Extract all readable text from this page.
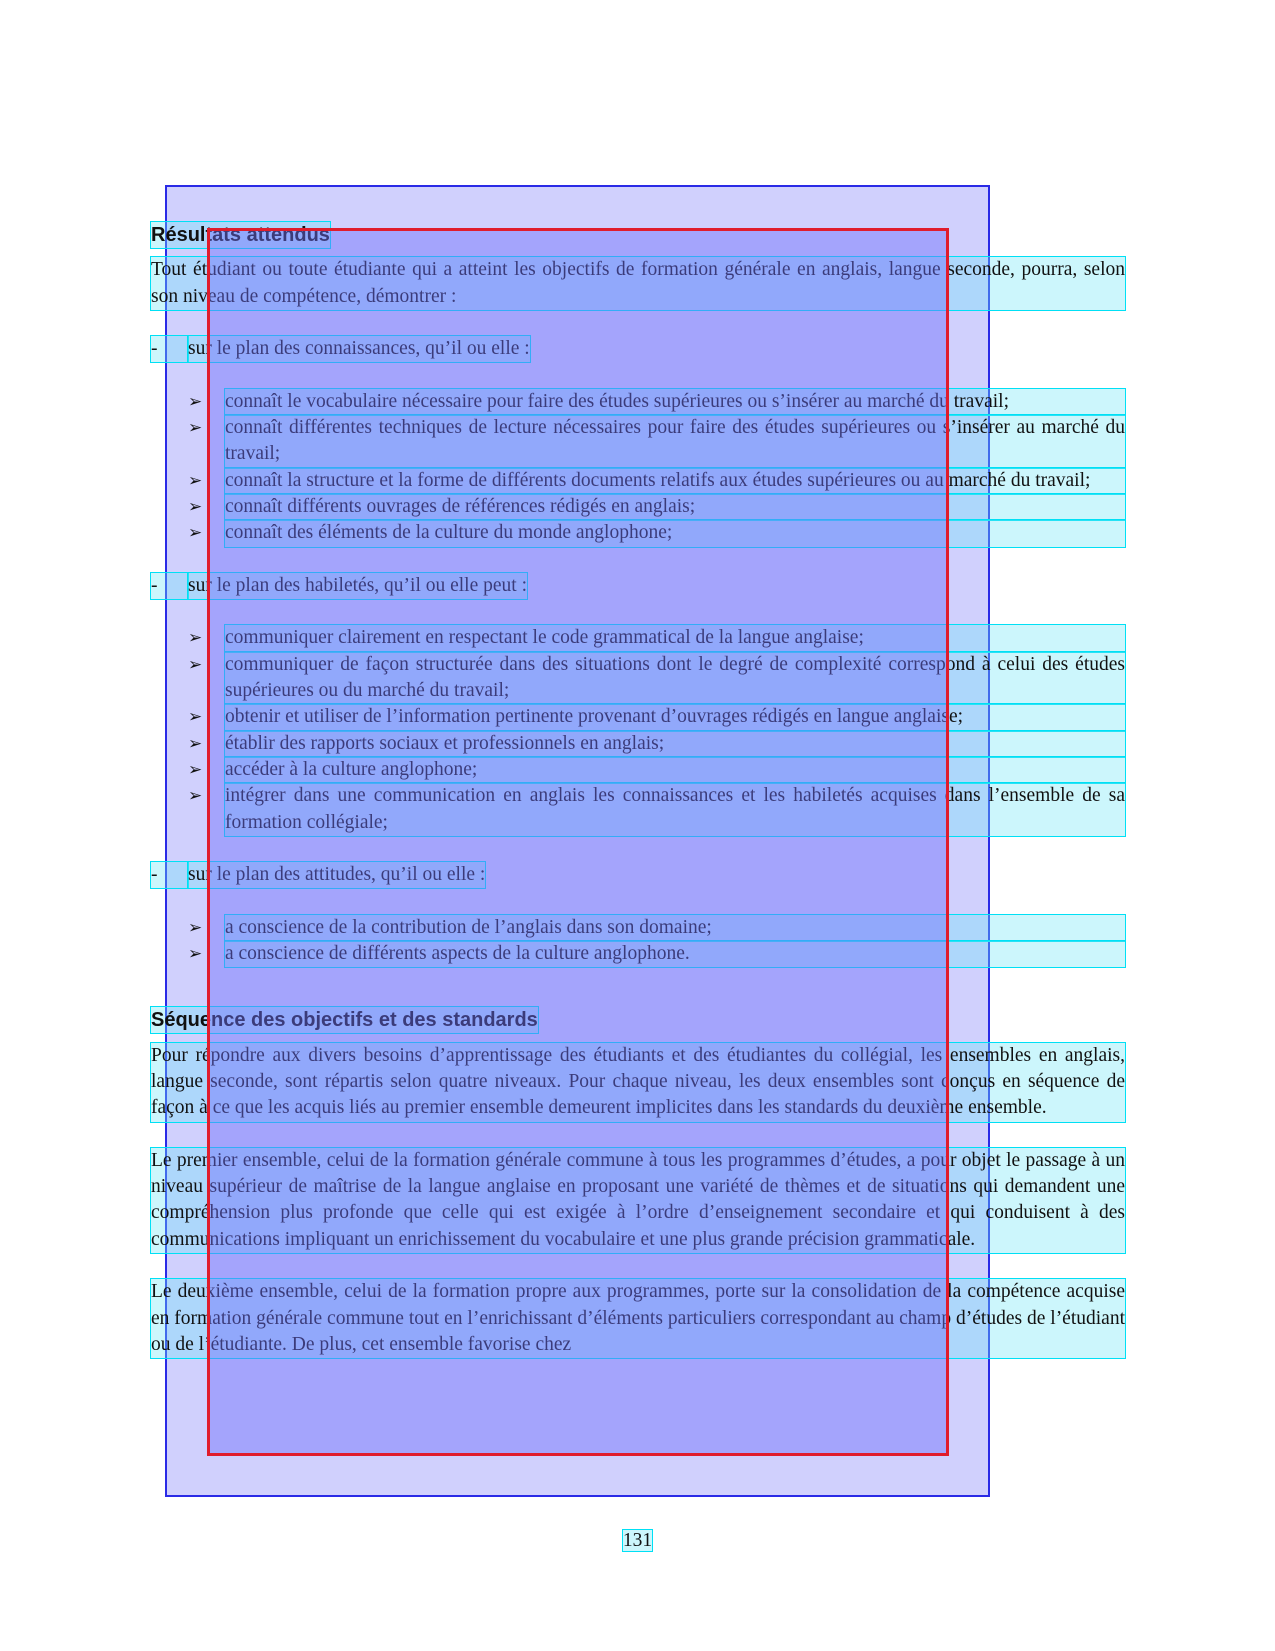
Résultats attendus

Tout étudiant ou toute étudiante qui a atteint les objectifs de formation générale en anglais, langue seconde, pourra, selon son niveau de compétence, démontrer :

-	sur le plan des connaissances, qu’il ou elle :
➢	connaît le vocabulaire nécessaire pour faire des études supérieures ou s’insérer au marché du travail;
➢	connaît différentes techniques de lecture nécessaires pour faire des études supérieures ou s’insérer au marché du travail;
➢	connaît la structure et la forme de différents documents relatifs aux études supérieures ou au marché du travail;
➢	connaît différents ouvrages de références rédigés en anglais;
➢	connaît des éléments de la culture du monde anglophone;
-	sur le plan des habiletés, qu’il ou elle peut :
➢	communiquer clairement en respectant le code grammatical de la langue anglaise;
➢	communiquer de façon structurée dans des situations dont le degré de complexité correspond à celui des études supérieures ou du marché du travail;
➢	obtenir et utiliser de l’information pertinente provenant d’ouvrages rédigés en langue anglaise;
➢	établir des rapports sociaux et professionnels en anglais;
➢	accéder à la culture anglophone;
➢	intégrer dans une communication en anglais les connaissances et les habiletés acquises dans l’ensemble de sa formation collégiale;
-	sur le plan des attitudes, qu’il ou elle :
➢	a conscience de la contribution de l’anglais dans son domaine;
➢	a conscience de différents aspects de la culture anglophone.
Séquence des objectifs et des standards

Pour répondre aux divers besoins d’apprentissage des étudiants et des étudiantes du collégial, les ensembles en anglais, langue seconde, sont répartis selon quatre niveaux. Pour chaque niveau, les deux ensembles sont conçus en séquence de façon à ce que les acquis liés au premier ensemble demeurent implicites dans les standards du deuxième ensemble.

Le premier ensemble, celui de la formation générale commune à tous les programmes d’études, a pour objet le passage à un niveau supérieur de maîtrise de la langue anglaise en proposant une variété de thèmes et de situations qui demandent une compréhension plus profonde que celle qui est exigée à l’ordre d’enseignement secondaire et qui conduisent à des communications impliquant un enrichissement du vocabulaire et une plus grande précision grammaticale.

Le deuxième ensemble, celui de la formation propre aux programmes, porte sur la consolidation de la compétence acquise en formation générale commune tout en l’enrichissant d’éléments particuliers correspondant au champ d’études de l’étudiant ou de l’étudiante. De plus, cet ensemble favorise chez

131
